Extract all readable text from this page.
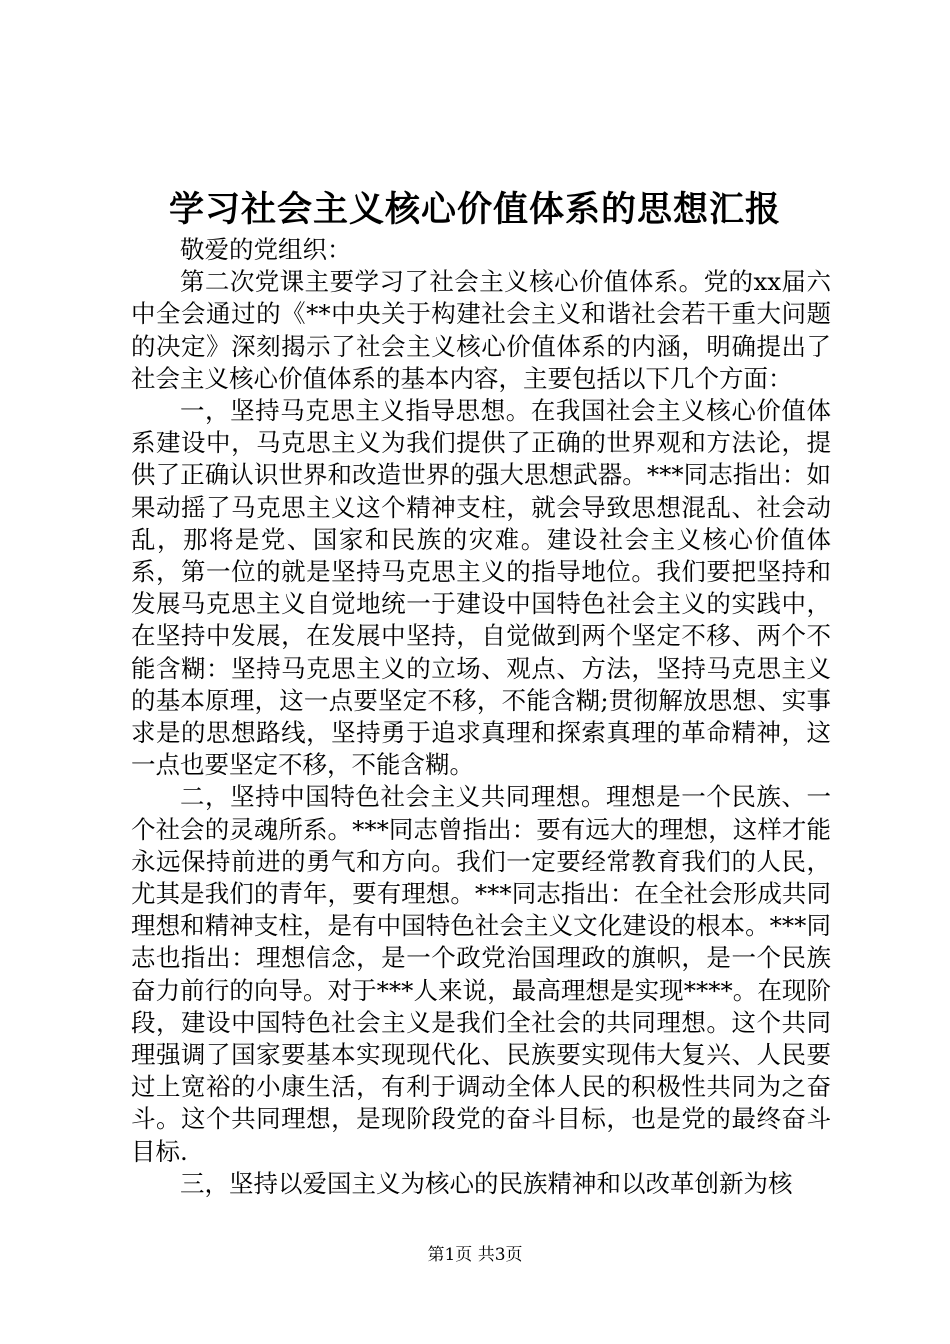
学习社会主义核心价值体系的思想汇报

敬爱的党组织：

第二次党课主要学习了社会主义核心价值体系。党的xx届六中全会通过的《**中央关于构建社会主义和谐社会若干重大问题的决定》深刻揭示了社会主义核心价值体系的内涵，明确提出了社会主义核心价值体系的基本内容，主要包括以下几个方面：

一，坚持马克思主义指导思想。在我国社会主义核心价值体系建设中，马克思主义为我们提供了正确的世界观和方法论，提供了正确认识世界和改造世界的强大思想武器。***同志指出：如果动摇了马克思主义这个精神支柱，就会导致思想混乱、社会动乱，那将是党、国家和民族的灾难。建设社会主义核心价值体系，第一位的就是坚持马克思主义的指导地位。我们要把坚持和发展马克思主义自觉地统一于建设中国特色社会主义的实践中，在坚持中发展，在发展中坚持，自觉做到两个坚定不移、两个不能含糊：坚持马克思主义的立场、观点、方法，坚持马克思主义的基本原理，这一点要坚定不移，不能含糊;贯彻解放思想、实事求是的思想路线，坚持勇于追求真理和探索真理的革命精神，这一点也要坚定不移，不能含糊。

二，坚持中国特色社会主义共同理想。理想是一个民族、一个社会的灵魂所系。***同志曾指出：要有远大的理想，这样才能永远保持前进的勇气和方向。我们一定要经常教育我们的人民，尤其是我们的青年，要有理想。***同志指出：在全社会形成共同理想和精神支柱，是有中国特色社会主义文化建设的根本。***同志也指出：理想信念，是一个政党治国理政的旗帜，是一个民族奋力前行的向导。对于***人来说，最高理想是实现****。在现阶段，建设中国特色社会主义是我们全社会的共同理想。这个共同理强调了国家要基本实现现代化、民族要实现伟大复兴、人民要过上宽裕的小康生活，有利于调动全体人民的积极性共同为之奋斗。这个共同理想，是现阶段党的奋斗目标，也是党的最终奋斗目标.

三，坚持以爱国主义为核心的民族精神和以改革创新为核

第1页 共3页
